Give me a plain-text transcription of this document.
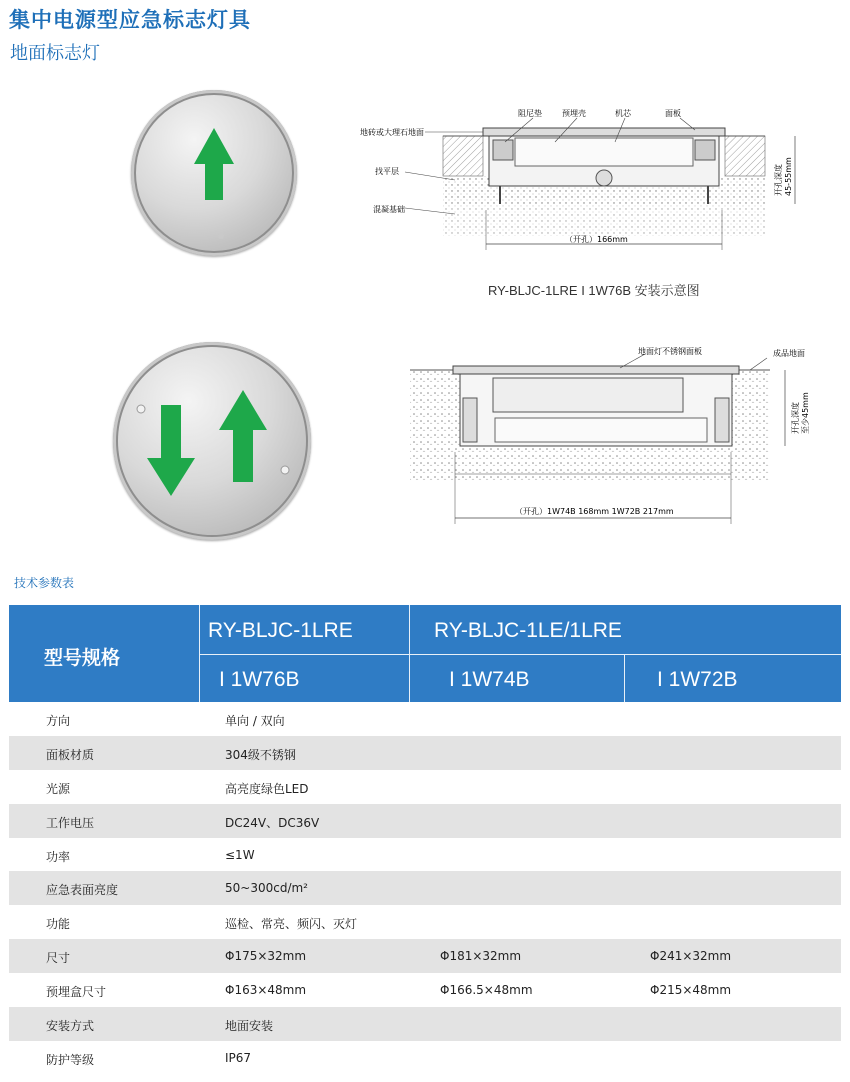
集中电源型应急标志灯具
地面标志灯
阻尼垫	预埋壳	机芯	面板
地砖或大理石地面
找平层
混凝基础
（开孔）166mm
开孔深度 45-55mm
RY-BLJC-1LRE I 1W76B 安装示意图
地面灯不锈钢面板	成品地面
（开孔）1W74B 168mm 1W72B 217mm
开孔深度 至少45mm
技术参数表
型号规格
RY-BLJC-1LRE	RY-BLJC-1LE/1LRE
I 1W76B	I 1W74B	I 1W72B
方向	单向 / 双向
面板材质	304级不锈钢
光源	高亮度绿色LED
工作电压	DC24V、DC36V
功率	≤1W
应急表面亮度	50~300cd/m²
功能	巡检、常亮、频闪、灭灯
尺寸	Φ175×32mm	Φ181×32mm	Φ241×32mm
预埋盒尺寸	Φ163×48mm	Φ166.5×48mm	Φ215×48mm
安装方式	地面安装
防护等级	IP67
